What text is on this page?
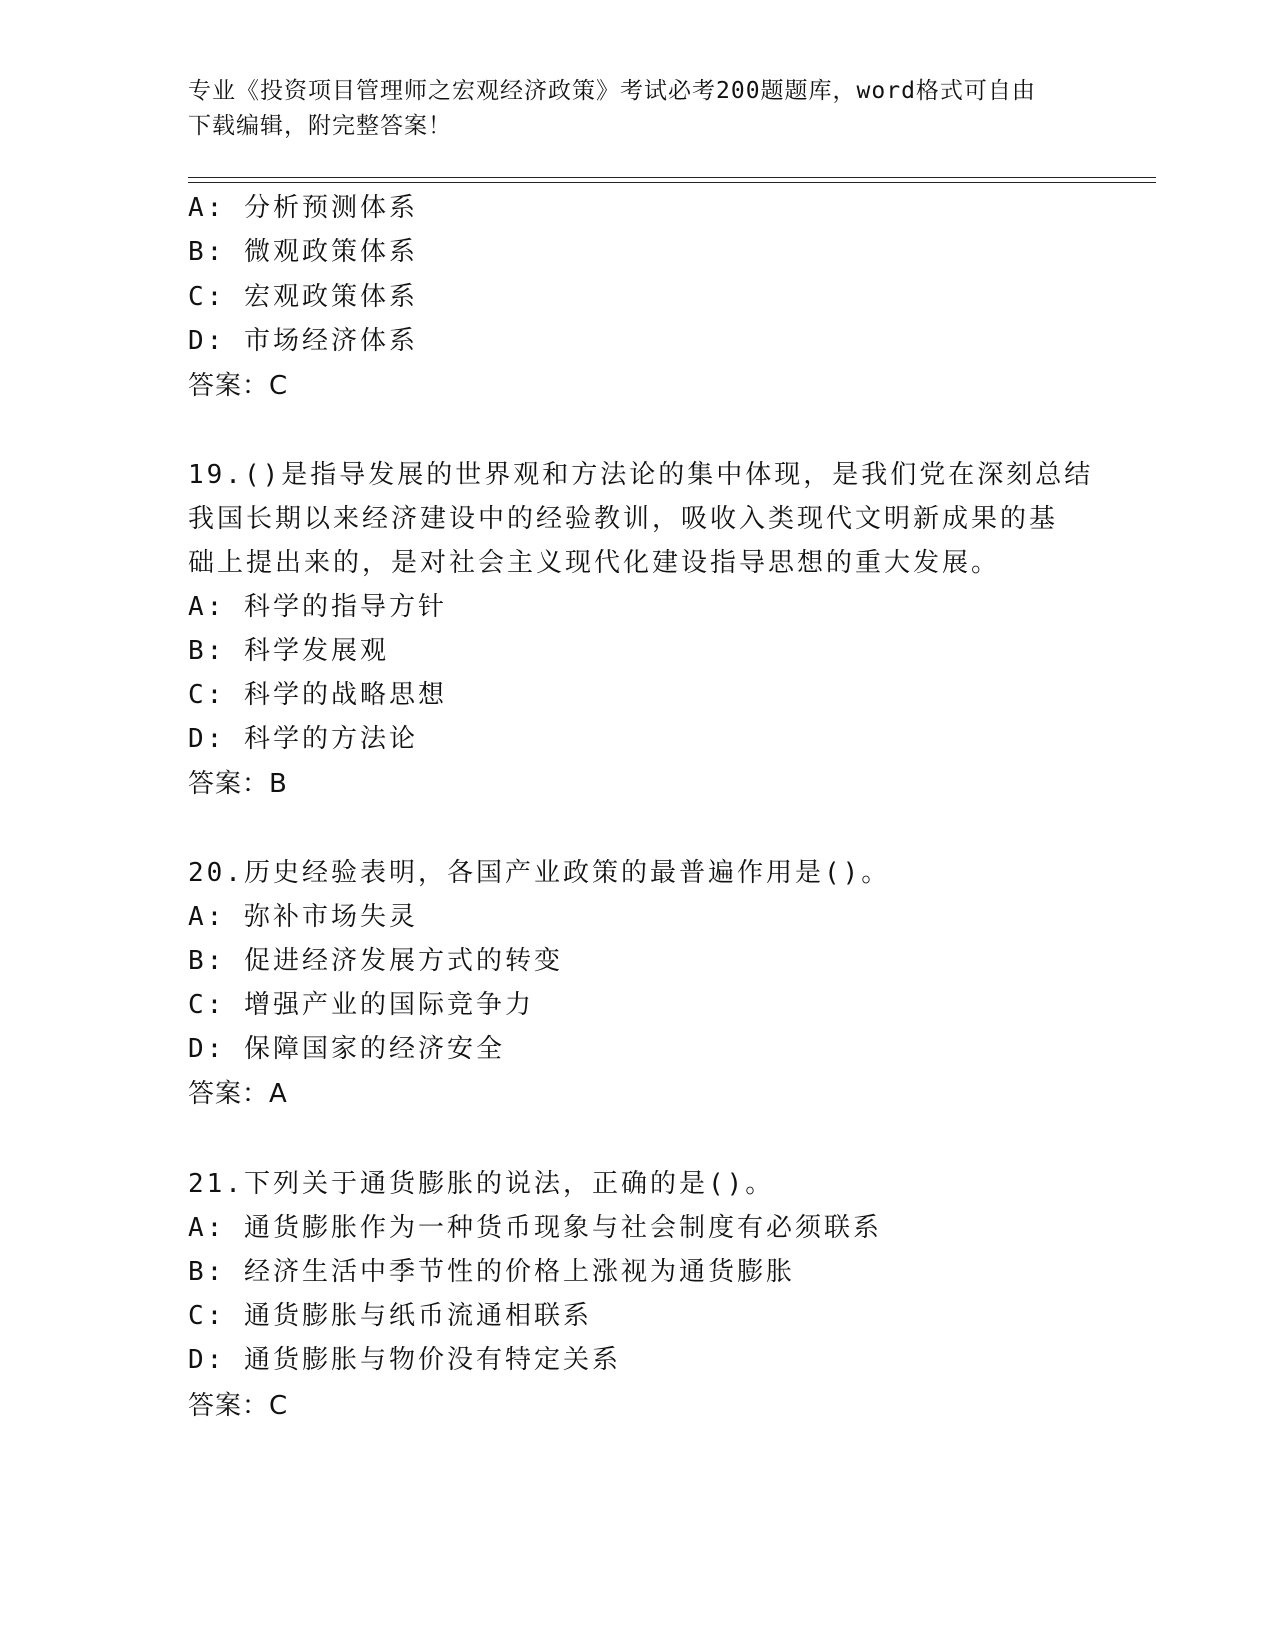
专业《投资项目管理师之宏观经济政策》考试必考200题题库，word格式可自由
下载编辑，附完整答案！
A: 分析预测体系
B: 微观政策体系
C: 宏观政策体系
D: 市场经济体系
答案：C
19.()是指导发展的世界观和方法论的集中体现，是我们党在深刻总结
我国长期以来经济建设中的经验教训，吸收入类现代文明新成果的基
础上提出来的，是对社会主义现代化建设指导思想的重大发展。
A: 科学的指导方针
B: 科学发展观
C: 科学的战略思想
D: 科学的方法论
答案：B
20.历史经验表明，各国产业政策的最普遍作用是()。
A: 弥补市场失灵
B: 促进经济发展方式的转变
C: 增强产业的国际竞争力
D: 保障国家的经济安全
答案：A
21.下列关于通货膨胀的说法，正确的是()。
A: 通货膨胀作为一种货币现象与社会制度有必须联系
B: 经济生活中季节性的价格上涨视为通货膨胀
C: 通货膨胀与纸币流通相联系
D: 通货膨胀与物价没有特定关系
答案：C
